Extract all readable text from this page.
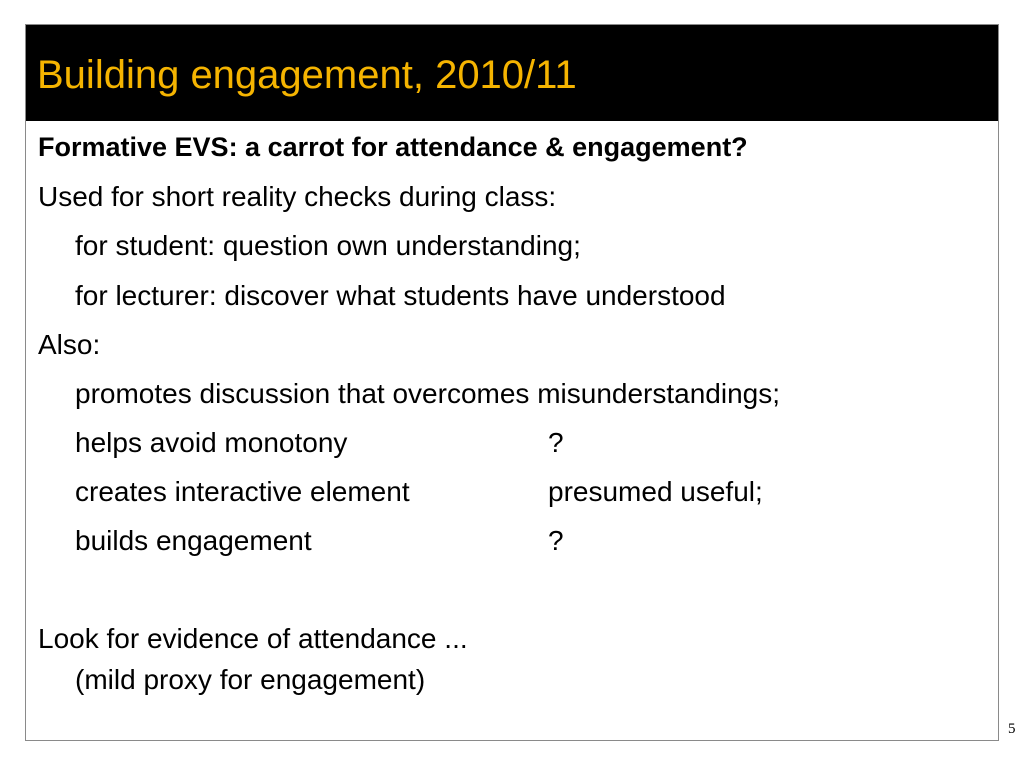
Building engagement, 2010/11
Formative EVS: a carrot for attendance & engagement?
Used for short reality checks during class:
for student: question own understanding;
for lecturer: discover what students have understood
Also:
promotes discussion that overcomes misunderstandings;
helps avoid monotony	?
creates interactive element	presumed useful;
builds engagement	?
Look for evidence of attendance ...
(mild proxy for engagement)
5
